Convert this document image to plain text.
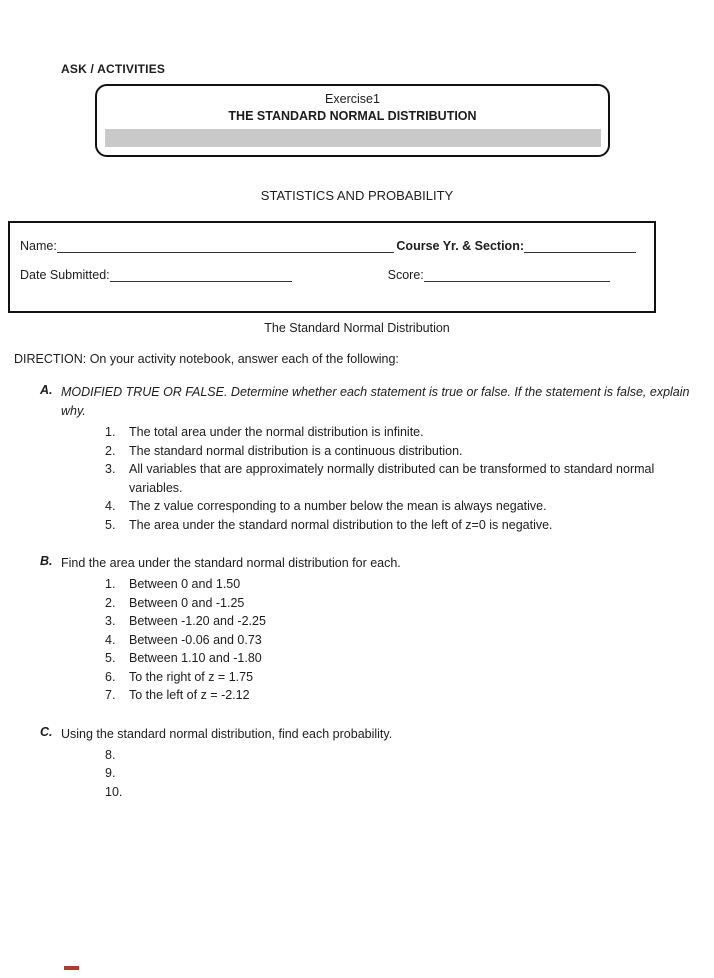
ASK / ACTIVITIES
Exercise1
THE STANDARD NORMAL DISTRIBUTION
STATISTICS AND PROBABILITY
Name:	Course Yr. & Section:
Date Submitted:	Score:
The Standard Normal Distribution
DIRECTION: On your activity notebook, answer each of the following:
A. MODIFIED TRUE OR FALSE. Determine whether each statement is true or false. If the statement is false, explain why.
1.	The total area under the normal distribution is infinite.
2.	The standard normal distribution is a continuous distribution.
3.	All variables that are approximately normally distributed can be transformed to standard normal variables.
4.	The z value corresponding to a number below the mean is always negative.
5.	The area under the standard normal distribution to the left of z=0 is negative.
B. Find the area under the standard normal distribution for each.
1.	Between 0 and 1.50
2.	Between 0 and -1.25
3.	Between -1.20 and -2.25
4.	Between -0.06 and 0.73
5.	Between 1.10 and -1.80
6.	To the right of z = 1.75
7.	To the left of z = -2.12
C. Using the standard normal distribution, find each probability.
8.
9.
10.
